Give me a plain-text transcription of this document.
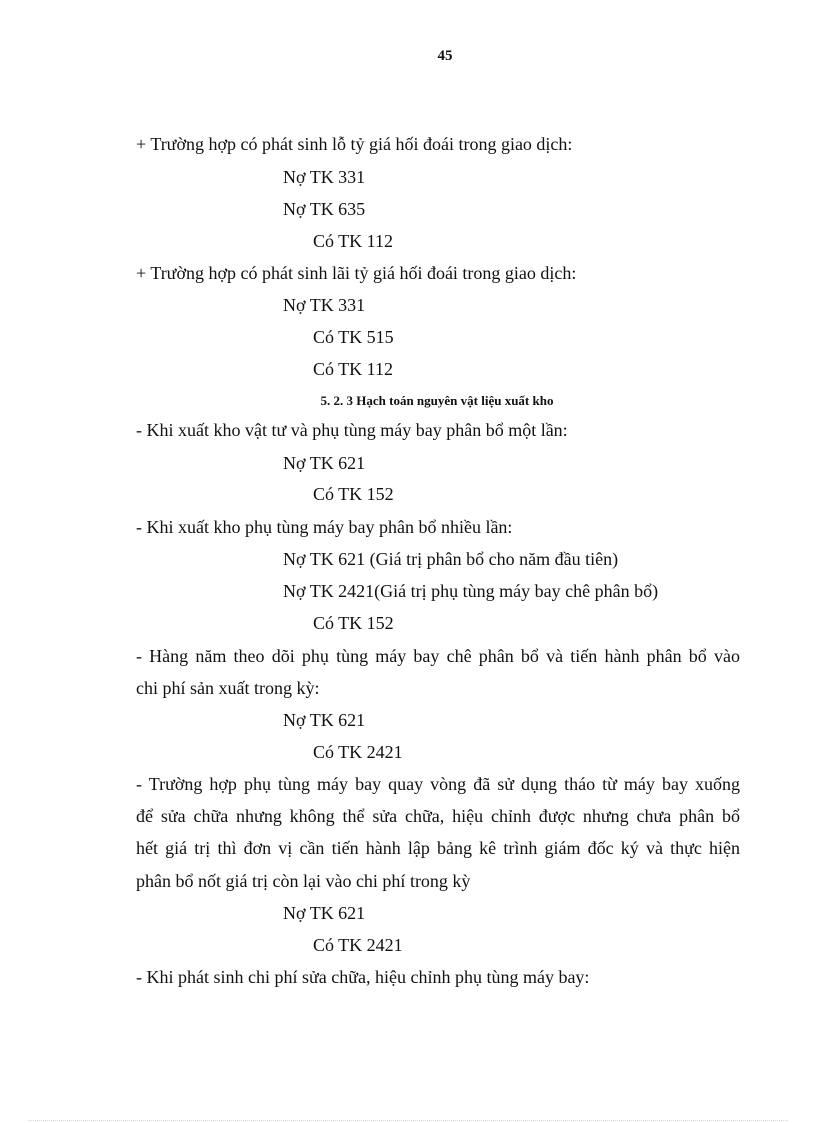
45
+ Trường hợp có phát sinh lỗ tỷ giá hối đoái trong giao dịch:
Nợ TK 331
Nợ TK 635
Có TK 112
+ Trường hợp có phát sinh lãi tỷ giá hối đoái trong giao dịch:
Nợ TK 331
Có TK 515
Có TK 112
5. 2. 3 Hạch toán nguyên vật liệu xuất kho
- Khi xuất kho vật tư và phụ tùng máy bay phân bổ một lần:
Nợ TK 621
Có TK 152
- Khi xuất kho phụ tùng máy bay phân bổ nhiều lần:
Nợ TK 621 (Giá trị phân bổ cho năm đầu tiên)
Nợ TK 2421(Giá trị phụ tùng máy bay chê phân bổ)
Có TK 152
- Hàng năm theo dõi phụ tùng máy bay chê phân bổ và tiến hành phân bổ vào
chi phí sản xuất trong kỳ:
Nợ TK 621
Có TK 2421
- Trường hợp phụ tùng máy bay quay vòng đã sử dụng tháo từ máy bay xuống
để sửa chữa nhưng không thể sửa chữa, hiệu chỉnh được nhưng chưa phân bổ
hết giá trị thì đơn vị cần tiến hành lập bảng kê trình giám đốc ký và thực hiện
phân bổ nốt giá trị còn lại vào chi phí trong kỳ
Nợ TK 621
Có TK 2421
- Khi phát sinh chi phí sửa chữa, hiệu chỉnh phụ tùng máy bay:
